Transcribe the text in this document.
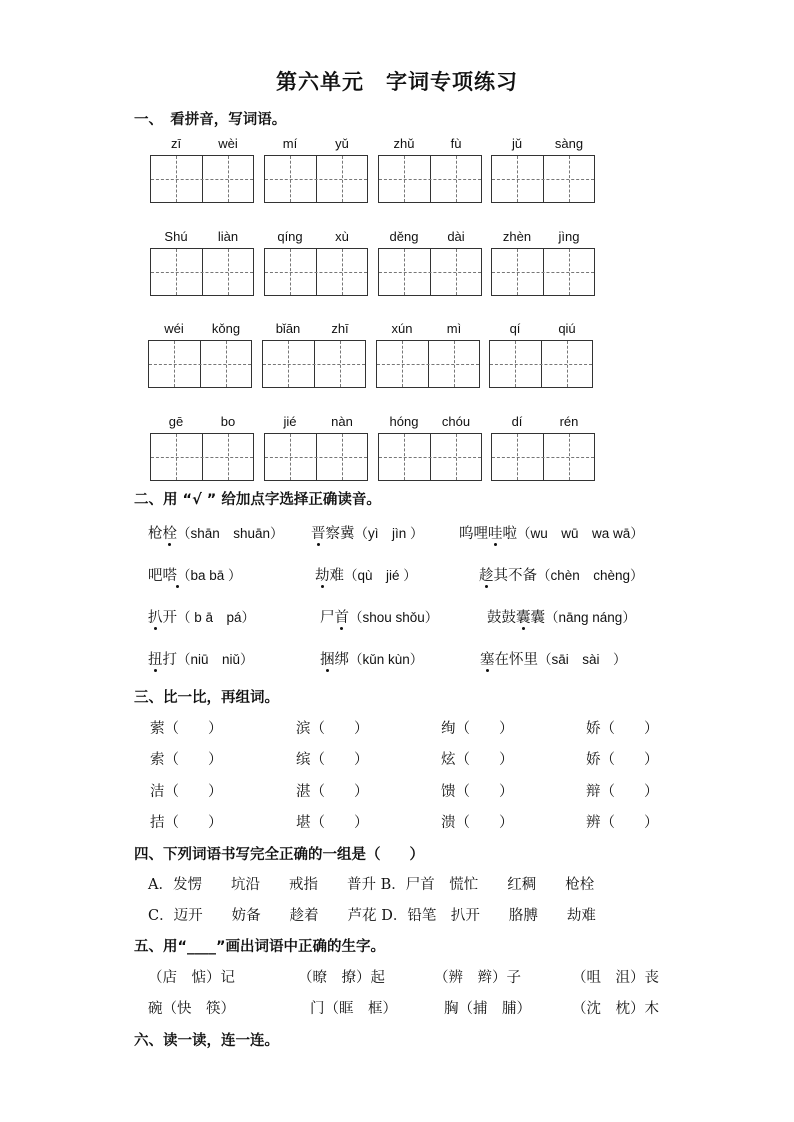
第六单元　字词专项练习
一、　看拼音，写词语。
zī	wèi	mí	yǔ	zhǔ	fù	jǔ	sàng
Shú	liàn	qíng	xù	děng	dài	zhèn	jìng
wéi	kǒng	bǐān	zhī	xún	mì	qí	qiú
gē	bo	jié	nàn	hóng	chóu	dí	rén
二、用 “√ ” 给加点字选择正确读音。
枪栓（shān　shuān） 晋察冀（yì　jìn ） 呜哩哇啦（wu　wū　wa wā）
吧嗒（ba bā ）	劫难（qù　jié ）	趁其不备（chèn　chèng）
扒开（ b ā　pá）	尸首（shou shǒu）	鼓鼓囊囊（nāng náng）
扭打（niū　niǔ）	捆绑（kǔn kùn）	塞在怀里（sāi　sài　）
三、比一比，再组词。
萦（　　）	滨（　　）	绚（　　）	娇（　　）
索（　　）	缤（　　）	炫（　　）	娇（　　）
洁（　　）	湛（　　）	馈（　　）	辩（　　）
拮（　　）	堪（　　）	溃（　　）	辨（　　）
四、下列词语书写完全正确的一组是（　　）
A．发愣　　坑沿　　戒指　　普升 B．尸首　慌忙　　红稠　　枪栓
C．迈开　　妨备　　趁着　　芦花 D．铅笔　扒开　　胳膊　　劫难
五、用“____”画出词语中正确的生字。
（店　惦）记	（暸　撩）起	（辨　辫）子	（咀　沮）丧
碗（快　筷）	门（眶　框）	胸（捕　脯）	（沈　枕）木
六、读一读，连一连。
